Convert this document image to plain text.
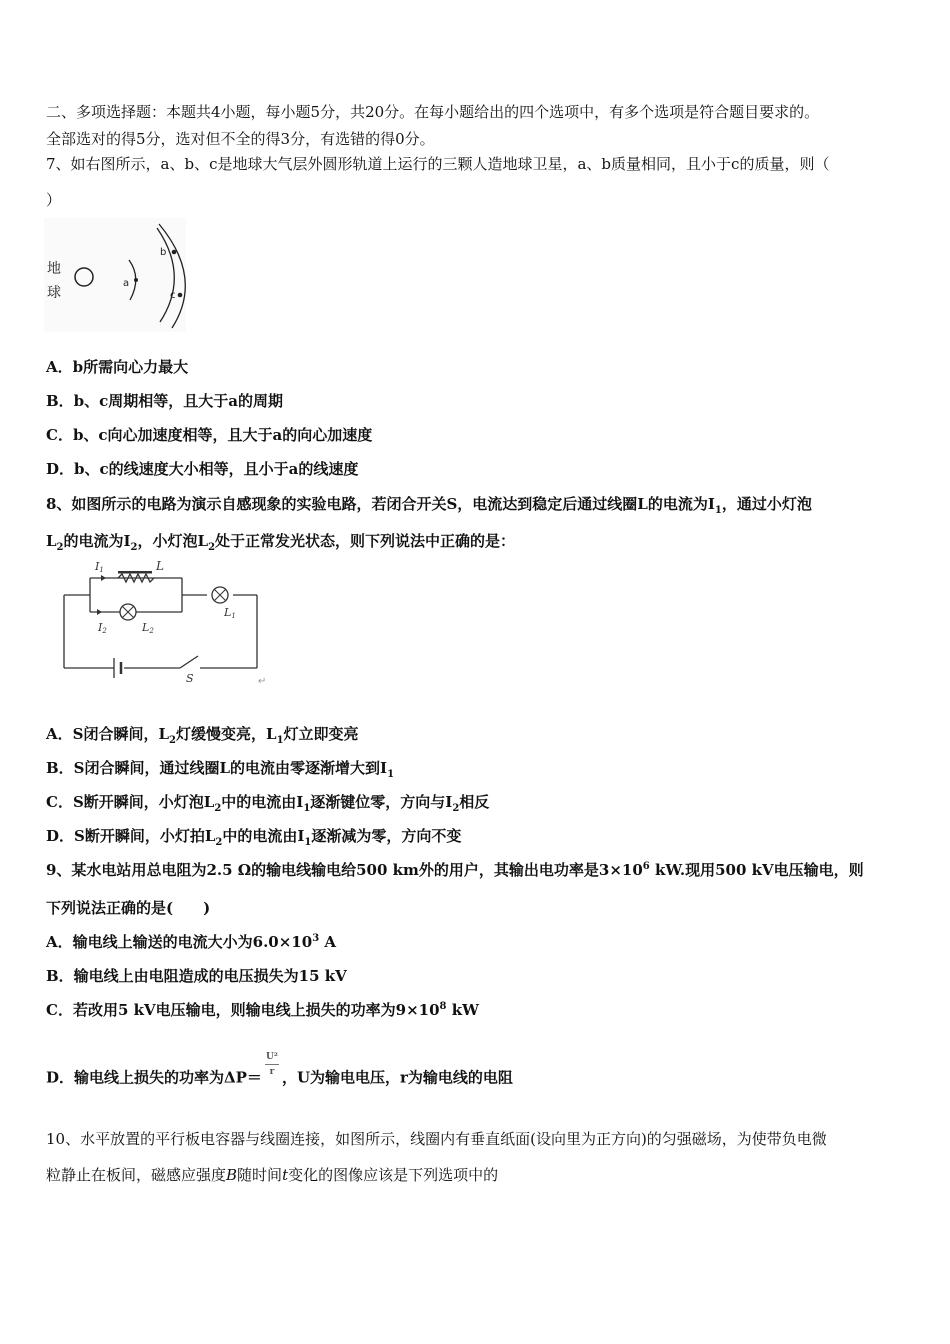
二、多项选择题：本题共4小题，每小题5分，共20分。在每小题给出的四个选项中，有多个选项是符合题目要求的。
全部选对的得5分，选对但不全的得3分，有选错的得0分。
7、如右图所示，a、b、c是地球大气层外圆形轨道上运行的三颗人造地球卫星，a、b质量相同，且小于c的质量，则（
）
地
球
a
b
c
A．b所需向心力最大
B．b、c周期相等，且大于a的周期
C．b、c向心加速度相等，且大于a的向心加速度
D．b、c的线速度大小相等，且小于a的线速度
8、如图所示的电路为演示自感现象的实验电路，若闭合开关S，电流达到稳定后通过线圈L的电流为$I_1$，通过小灯泡
$L_2$的电流为$I_2$，小灯泡$L_2$处于正常发光状态，则下列说法中正确的是：
I1	L
I2	L2
L1
S	↵
A．S闭合瞬间，$L_2$灯缓慢变亮，$L_1$灯立即变亮
B．S闭合瞬间，通过线圈L的电流由零逐渐增大到$I_1$
C．S断开瞬间，小灯泡$L_2$中的电流由$I_1$逐渐键位零，方向与$I_2$相反
D．S断开瞬间，小灯拍$L_2$中的电流由$I_1$逐渐减为零，方向不变
9、某水电站用总电阻为2.5 Ω的输电线输电给500 km外的用户，其输出电功率是$3\times 10^6$ kW.现用500 kV电压输电，则
下列说法正确的是(　　)
A．输电线上输送的电流大小为$6.0\times 10^3$ A
B．输电线上由电阻造成的电压损失为15 kV
C．若改用5 kV电压输电，则输电线上损失的功率为$9\times 10^8$ kW
D．输电线上损失的功率为ΔP＝
$\frac{\text{U²}}{r}$
，U为输电电压，r为输电线的电阻
10、水平放置的平行板电容器与线圈连接，如图所示，线圈内有垂直纸面(设向里为正方向)的匀强磁场，为使带负电微
粒静止在板间，磁感应强度B随时间t变化的图像应该是下列选项中的
